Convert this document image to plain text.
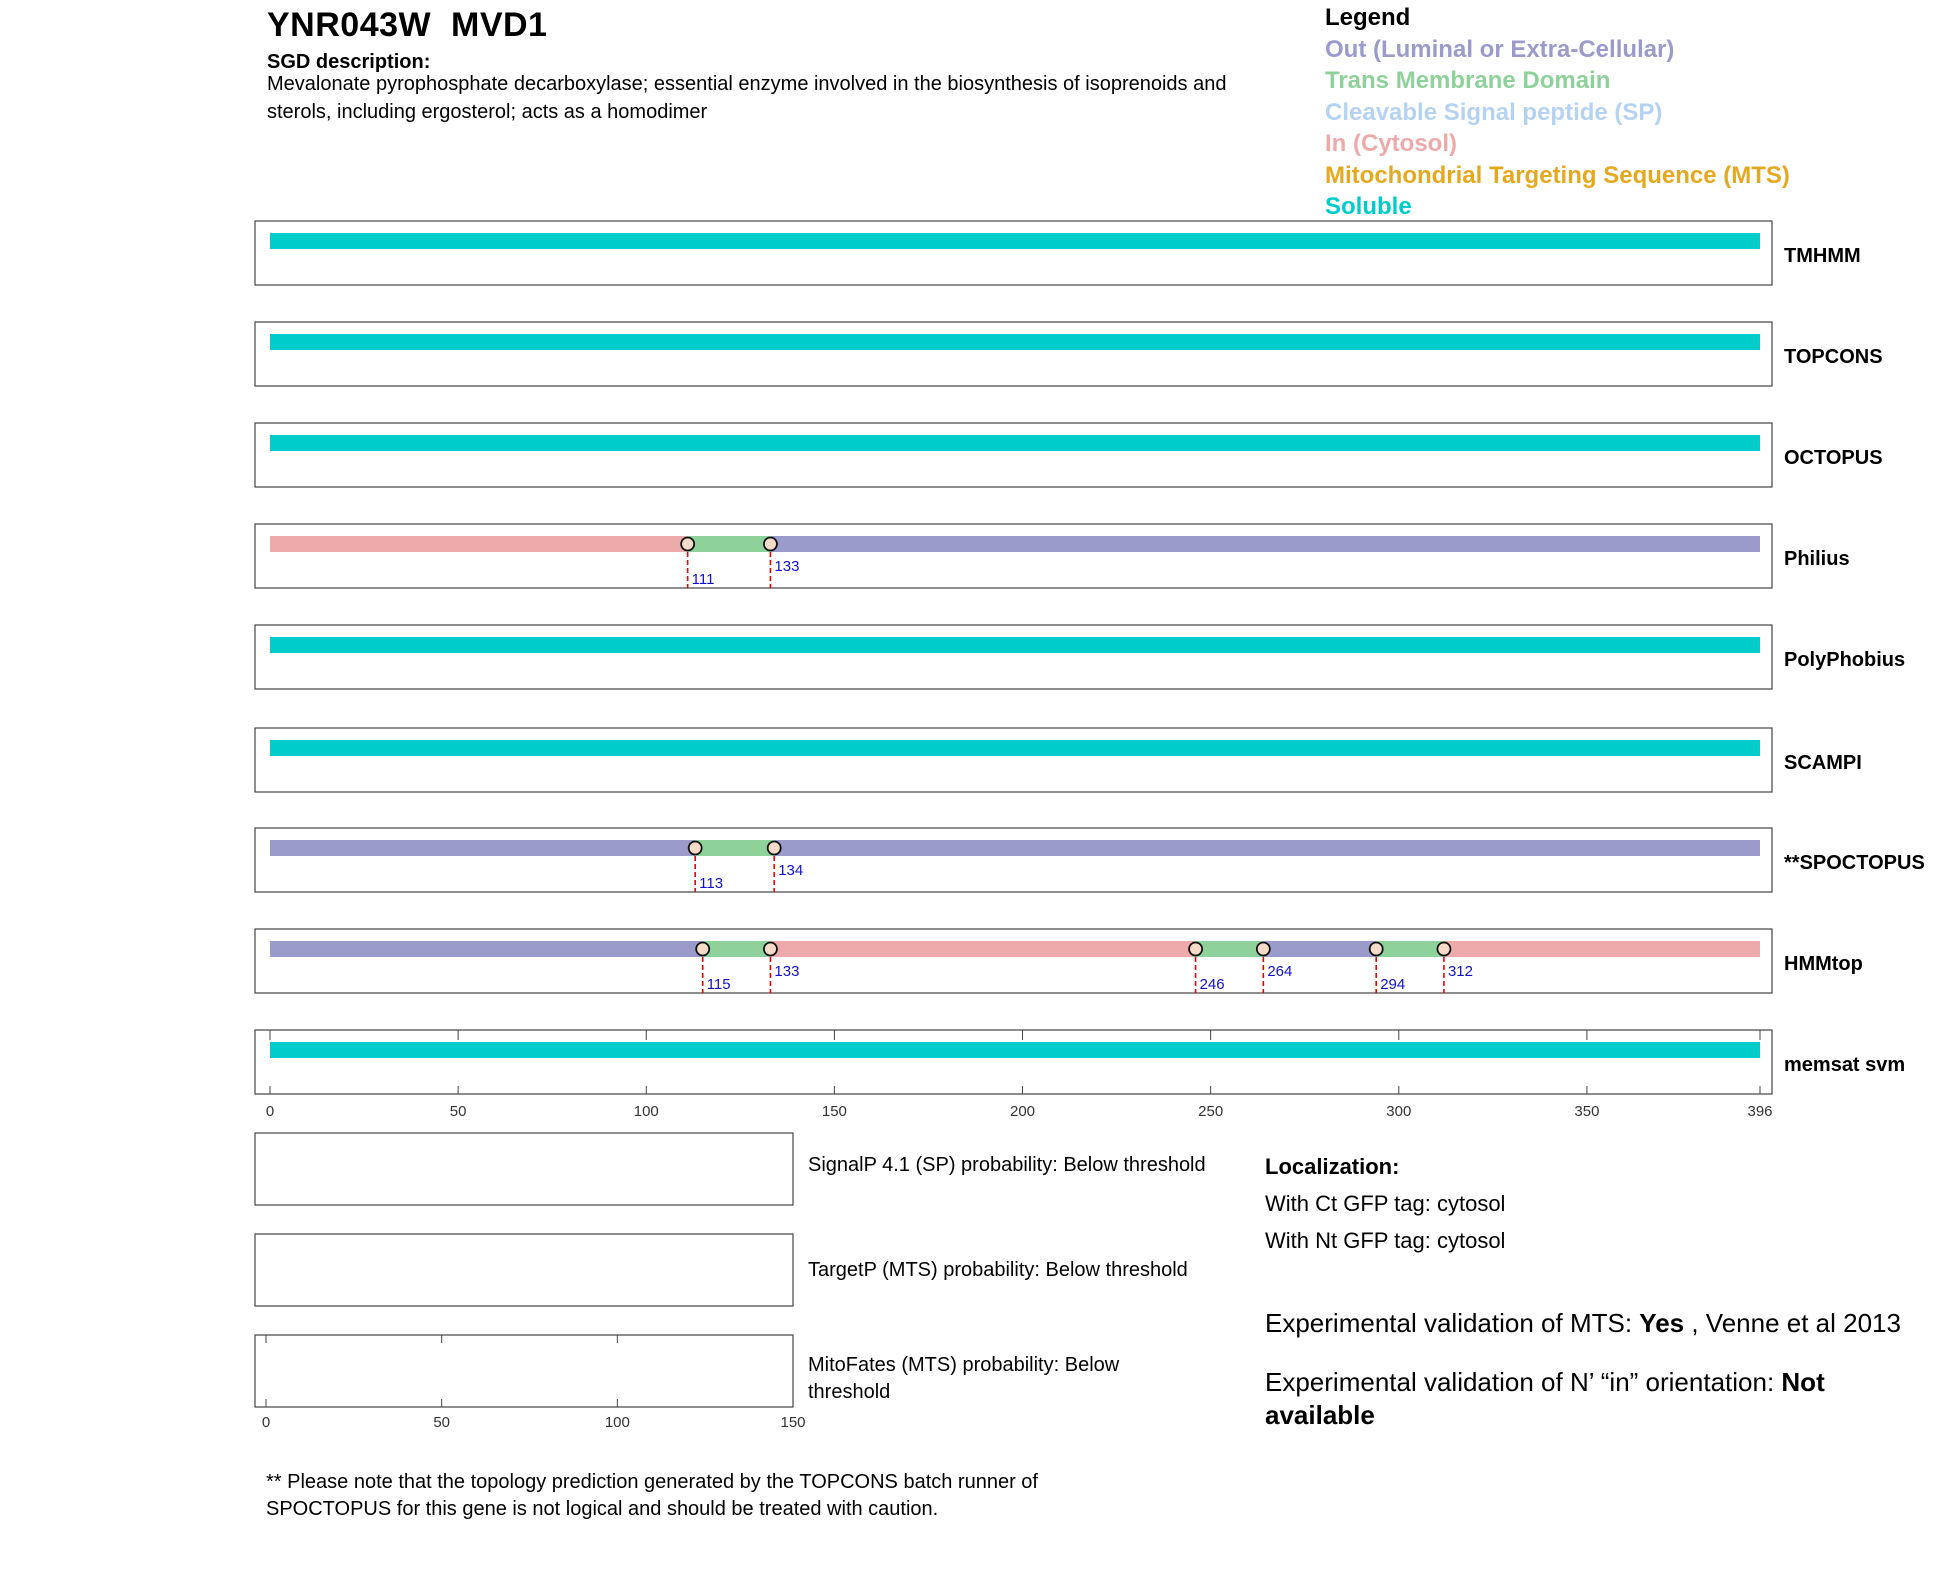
YNR043W  MVD1
SGD description:
Mevalonate pyrophosphate decarboxylase; essential enzyme involved in the biosynthesis of isoprenoids and sterols, including ergosterol; acts as a homodimer
Legend
Out (Luminal or Extra-Cellular)
Trans Membrane Domain
Cleavable Signal peptide (SP)
In (Cytosol)
Mitochondrial Targeting Sequence (MTS)
Soluble
TMHMM
TOPCONS
OCTOPUS
111
133	Philius
PolyPhobius
SCAMPI
113
134	**SPOCTOPUS
115
133
246
264
294
312	HMMtop
memsat svm
0	50	100	150	200	250	300	350	396
0	50	100	150
SignalP 4.1 (SP) probability: Below threshold
TargetP (MTS) probability: Below threshold
MitoFates (MTS) probability: Below
threshold
Localization:
With Ct GFP tag: cytosol
With Nt GFP tag: cytosol
Experimental validation of MTS: Yes , Venne et al 2013
Experimental validation of N’ “in” orientation: Not
available
** Please note that the topology prediction generated by the TOPCONS batch runner of
SPOCTOPUS for this gene is not logical and should be treated with caution.
